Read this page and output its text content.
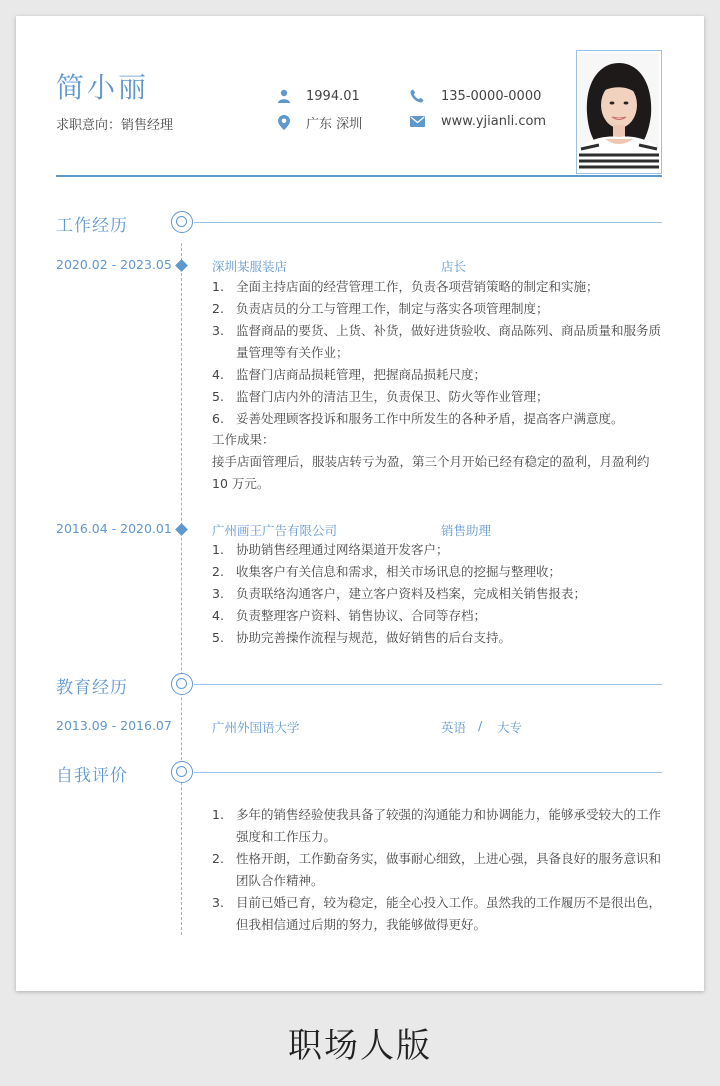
简小丽
求职意向：销售经理
1994.01
广东 深圳
135-0000-0000
www.yjianli.com
工作经历
2020.02 - 2023.05	深圳某服装店	店长
1. 全面主持店面的经营管理工作，负责各项营销策略的制定和实施；
2. 负责店员的分工与管理工作，制定与落实各项管理制度；
3. 监督商品的要货、上货、补货，做好进货验收、商品陈列、商品质量和服务质量管理等有关作业；
4. 监督门店商品损耗管理，把握商品损耗尺度；
5. 监督门店内外的清洁卫生，负责保卫、防火等作业管理；
6. 妥善处理顾客投诉和服务工作中所发生的各种矛盾，提高客户满意度。
工作成果：
接手店面管理后，服装店转亏为盈，第三个月开始已经有稳定的盈利，月盈利约10 万元。
2016.04 - 2020.01	广州画王广告有限公司	销售助理
1. 协助销售经理通过网络渠道开发客户；
2. 收集客户有关信息和需求，相关市场讯息的挖掘与整理收；
3. 负责联络沟通客户，建立客户资料及档案，完成相关销售报表；
4. 负责整理客户资料、销售协议、合同等存档；
5. 协助完善操作流程与规范，做好销售的后台支持。
教育经历
2013.09 - 2016.07	广州外国语大学	英语 / 大专
自我评价
1. 多年的销售经验使我具备了较强的沟通能力和协调能力，能够承受较大的工作强度和工作压力。
2. 性格开朗，工作勤奋务实，做事耐心细致，上进心强，具备良好的服务意识和团队合作精神。
3. 目前已婚已育，较为稳定，能全心投入工作。虽然我的工作履历不是很出色，但我相信通过后期的努力，我能够做得更好。
职场人版
